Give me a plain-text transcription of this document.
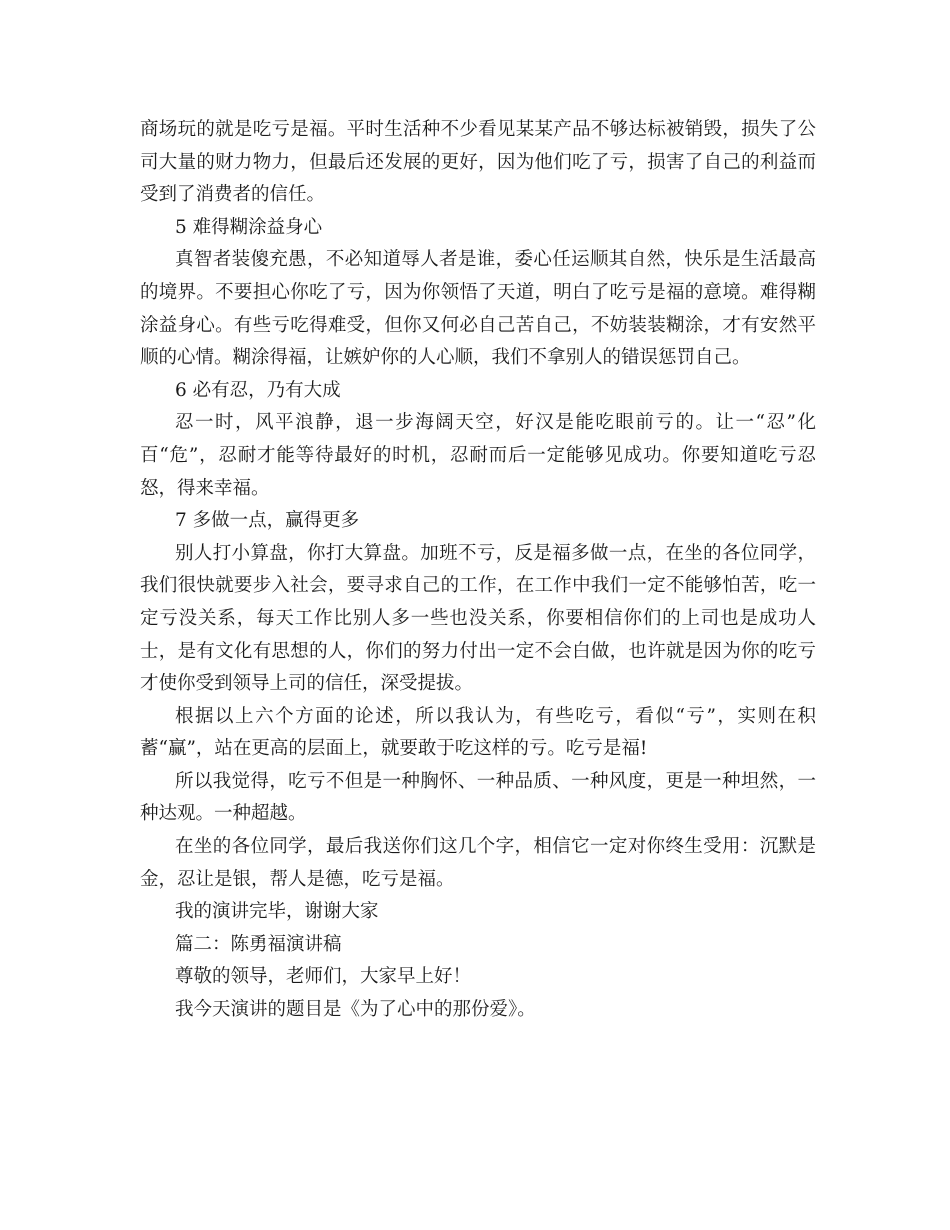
商场玩的就是吃亏是福。平时生活种不少看见某某产品不够达标被销毁，损失了公司大量的财力物力，但最后还发展的更好，因为他们吃了亏，损害了自己的利益而受到了消费者的信任。

5 难得糊涂益身心

真智者装傻充愚，不必知道辱人者是谁，委心任运顺其自然，快乐是生活最高的境界。不要担心你吃了亏，因为你领悟了天道，明白了吃亏是福的意境。难得糊涂益身心。有些亏吃得难受，但你又何必自己苦自己，不妨装装糊涂，才有安然平顺的心情。糊涂得福，让嫉妒你的人心顺，我们不拿别人的错误惩罚自己。

6 必有忍，乃有大成

忍一时，风平浪静，退一步海阔天空，好汉是能吃眼前亏的。让一“忍”化百“危”，忍耐才能等待最好的时机，忍耐而后一定能够见成功。你要知道吃亏忍怒，得来幸福。

7 多做一点，赢得更多

别人打小算盘，你打大算盘。加班不亏，反是福多做一点，在坐的各位同学，我们很快就要步入社会，要寻求自己的工作，在工作中我们一定不能够怕苦，吃一定亏没关系，每天工作比别人多一些也没关系，你要相信你们的上司也是成功人士，是有文化有思想的人，你们的努力付出一定不会白做，也许就是因为你的吃亏才使你受到领导上司的信任，深受提拔。

根据以上六个方面的论述，所以我认为，有些吃亏，看似“亏”，实则在积蓄“赢”，站在更高的层面上，就要敢于吃这样的亏。吃亏是福!

所以我觉得，吃亏不但是一种胸怀、一种品质、一种风度，更是一种坦然，一种达观。一种超越。

在坐的各位同学，最后我送你们这几个字，相信它一定对你终生受用：沉默是金，忍让是银，帮人是德，吃亏是福。

我的演讲完毕，谢谢大家

篇二：陈勇福演讲稿

尊敬的领导，老师们，大家早上好！

我今天演讲的题目是《为了心中的那份爱》。
